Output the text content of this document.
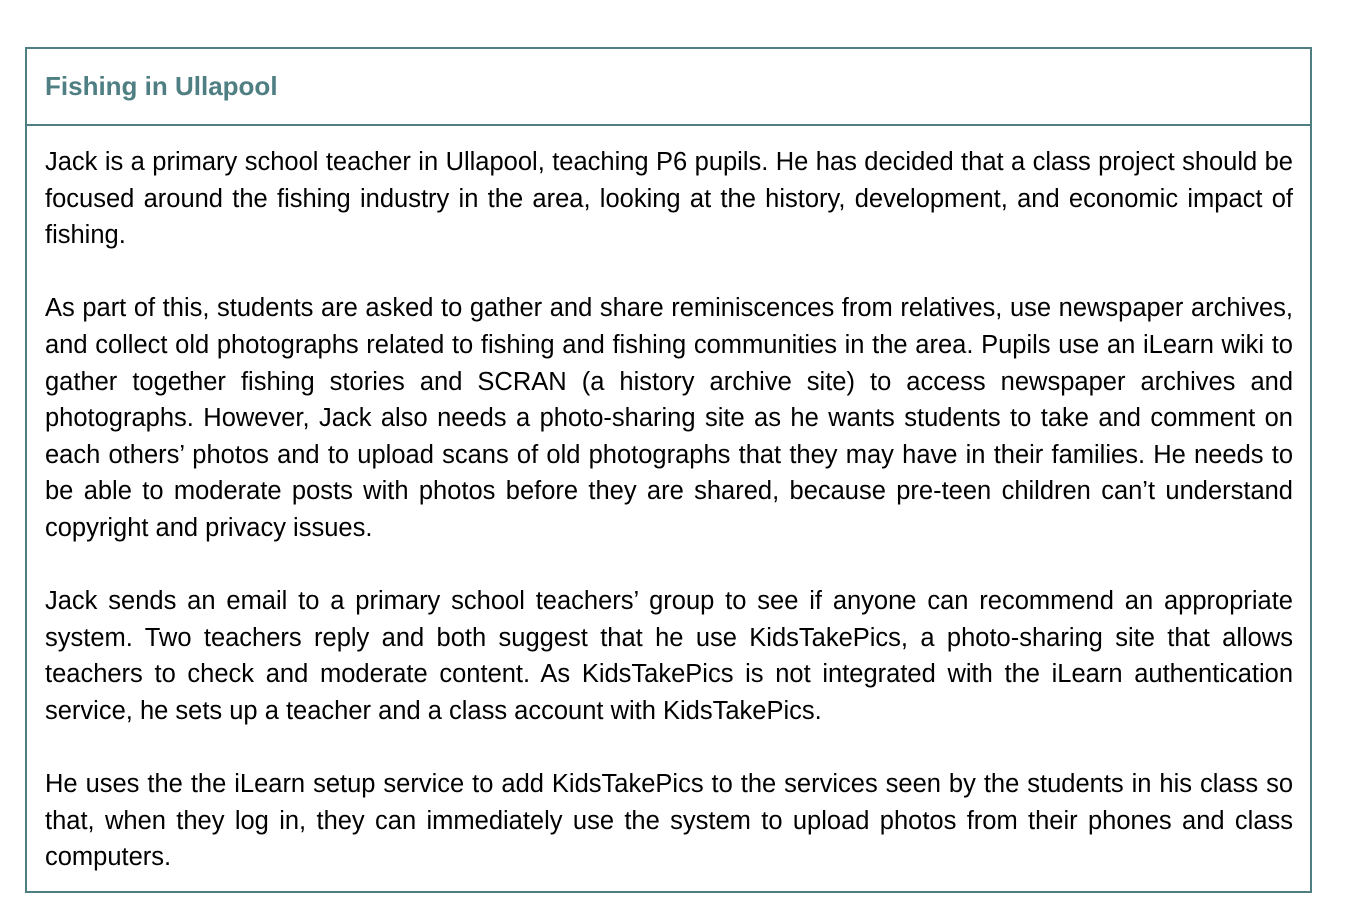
Fishing in Ullapool

Jack is a primary school teacher in Ullapool, teaching P6 pupils. He has decided that a class project should be focused around the fishing industry in the area, looking at the history, development, and economic impact of fishing.

As part of this, students are asked to gather and share reminiscences from relatives, use newspaper archives, and collect old photographs related to fishing and fishing communities in the area. Pupils use an iLearn wiki to gather together fishing stories and SCRAN (a history archive site) to access newspaper archives and photographs. However, Jack also needs a photo-sharing site as he wants students to take and comment on each others’ photos and to upload scans of old photographs that they may have in their families. He needs to be able to moderate posts with photos before they are shared, because pre-teen children can’t understand copyright and privacy issues.

Jack sends an email to a primary school teachers’ group to see if anyone can recommend an appropriate system. Two teachers reply and both suggest that he use KidsTakePics, a photo-sharing site that allows teachers to check and moderate content. As KidsTakePics is not integrated with the iLearn authentication service, he sets up a teacher and a class account with KidsTakePics.

He uses the the iLearn setup service to add KidsTakePics to the services seen by the students in his class so that, when they log in, they can immediately use the system to upload photos from their phones and class computers.
